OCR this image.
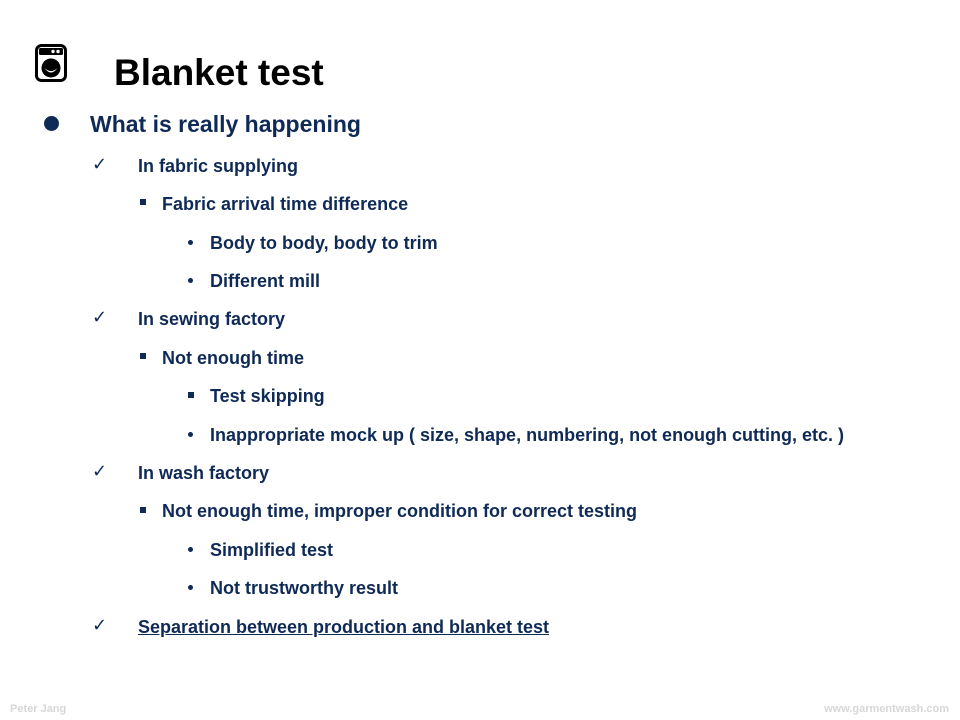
Blanket test
What is really happening
✓ In fabric supplying
Fabric arrival time difference
Body to body, body to trim
Different mill
✓ In sewing factory
Not enough time
Test skipping
Inappropriate mock up ( size, shape, numbering, not enough cutting, etc. )
✓ In wash factory
Not enough time, improper condition for correct testing
Simplified test
Not trustworthy result
✓ Separation between production and blanket test
Peter Jang	www.garmentwash.com
